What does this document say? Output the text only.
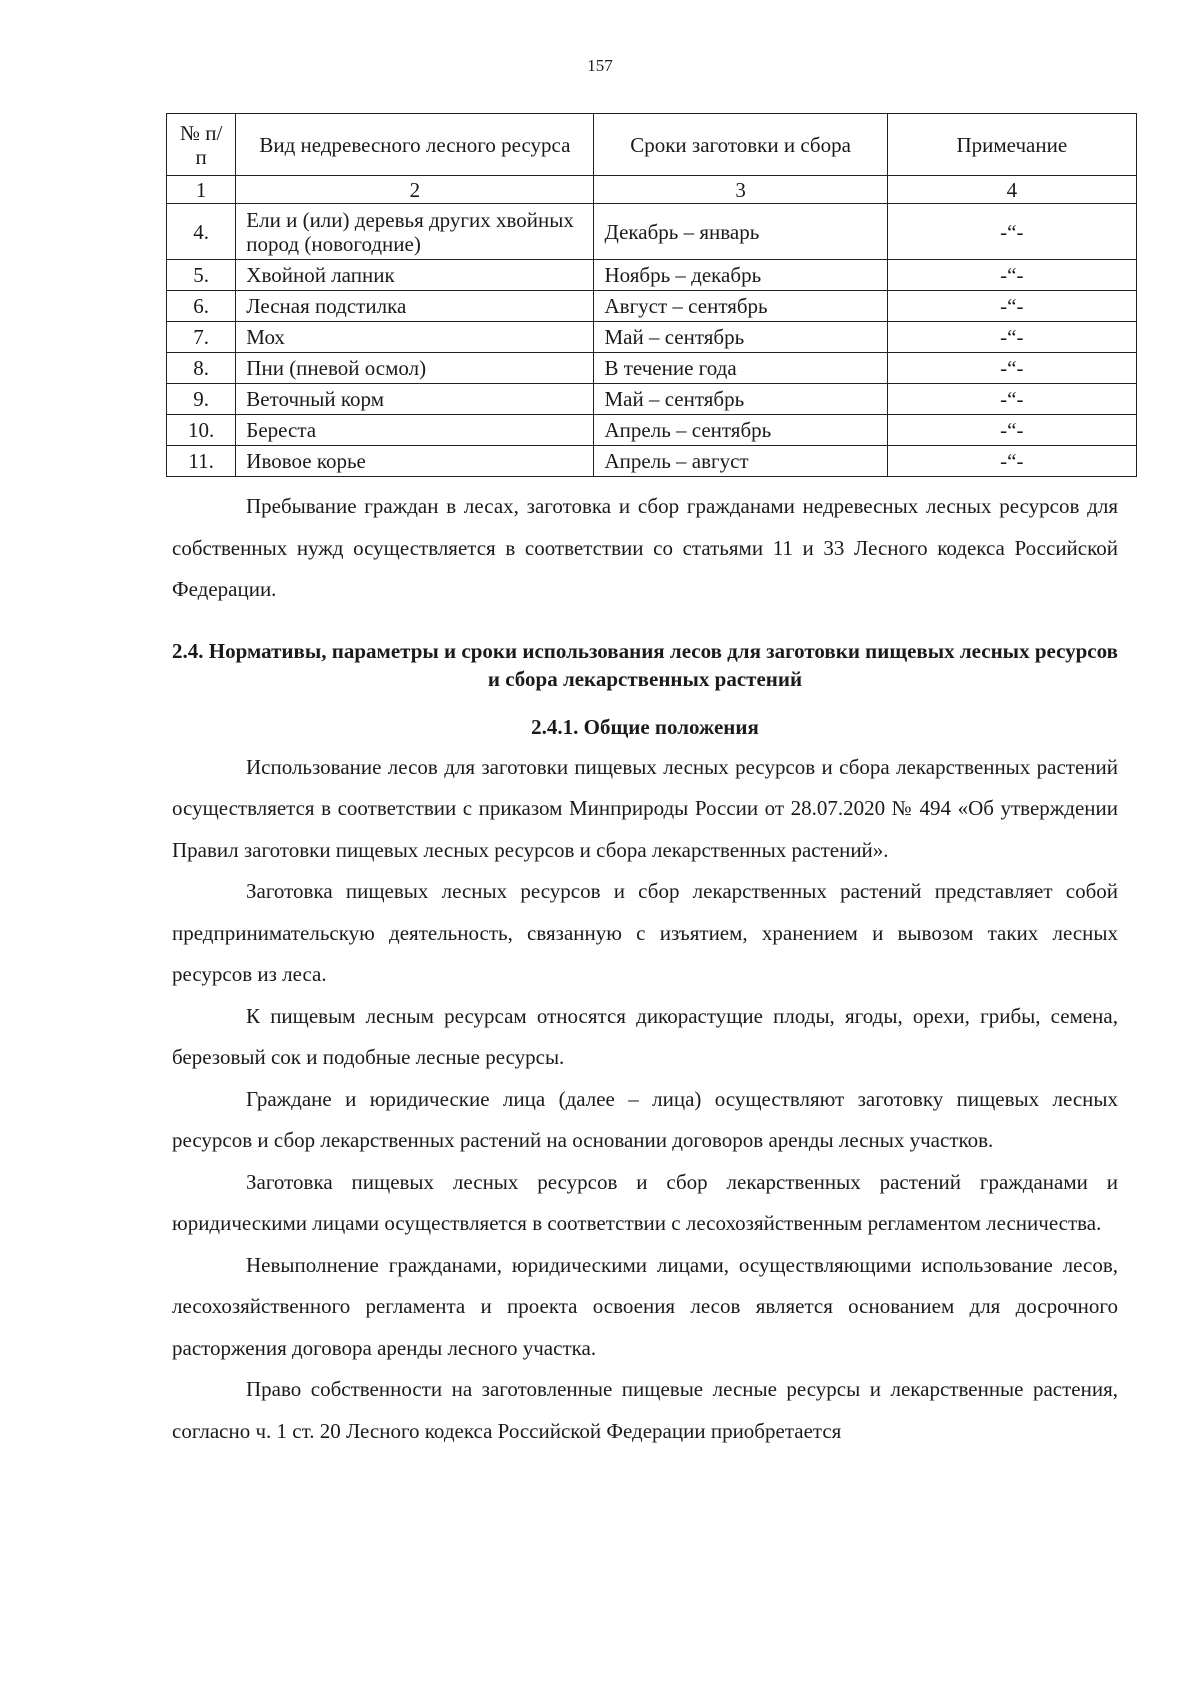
157
№ п/п	Вид недревесного лесного ресурса	Сроки заготовки и сбора	Примечание
1	2	3	4
4.	Ели и (или) деревья других хвойных пород (новогодние)	Декабрь – январь	-“-
5.	Хвойной лапник	Ноябрь – декабрь	-“-
6.	Лесная подстилка	Август – сентябрь	-“-
7.	Мох	Май – сентябрь	-“-
8.	Пни (пневой осмол)	В течение года	-“-
9.	Веточный корм	Май – сентябрь	-“-
10.	Береста	Апрель – сентябрь	-“-
11.	Ивовое корье	Апрель – август	-“-

Пребывание граждан в лесах, заготовка и сбор гражданами недревесных лесных ресурсов для собственных нужд осуществляется в соответствии со статьями 11 и 33 Лесного кодекса Российской Федерации.

2.4. Нормативы, параметры и сроки использования лесов для заготовки пищевых лесных ресурсов и сбора лекарственных растений

2.4.1. Общие положения

Использование лесов для заготовки пищевых лесных ресурсов и сбора лекарственных растений осуществляется в соответствии с приказом Минприроды России от 28.07.2020 № 494 «Об утверждении Правил заготовки пищевых лесных ресурсов и сбора лекарственных растений».

Заготовка пищевых лесных ресурсов и сбор лекарственных растений представляет собой предпринимательскую деятельность, связанную с изъятием, хранением и вывозом таких лесных ресурсов из леса.

К пищевым лесным ресурсам относятся дикорастущие плоды, ягоды, орехи, грибы, семена, березовый сок и подобные лесные ресурсы.

Граждане и юридические лица (далее – лица) осуществляют заготовку пищевых лесных ресурсов и сбор лекарственных растений на основании договоров аренды лесных участков.

Заготовка пищевых лесных ресурсов и сбор лекарственных растений гражданами и юридическими лицами осуществляется в соответствии с лесохозяйственным регламентом лесничества.

Невыполнение гражданами, юридическими лицами, осуществляющими использование лесов, лесохозяйственного регламента и проекта освоения лесов является основанием для досрочного расторжения договора аренды лесного участка.

Право собственности на заготовленные пищевые лесные ресурсы и лекарственные растения, согласно ч. 1 ст. 20 Лесного кодекса Российской Федерации приобретается
